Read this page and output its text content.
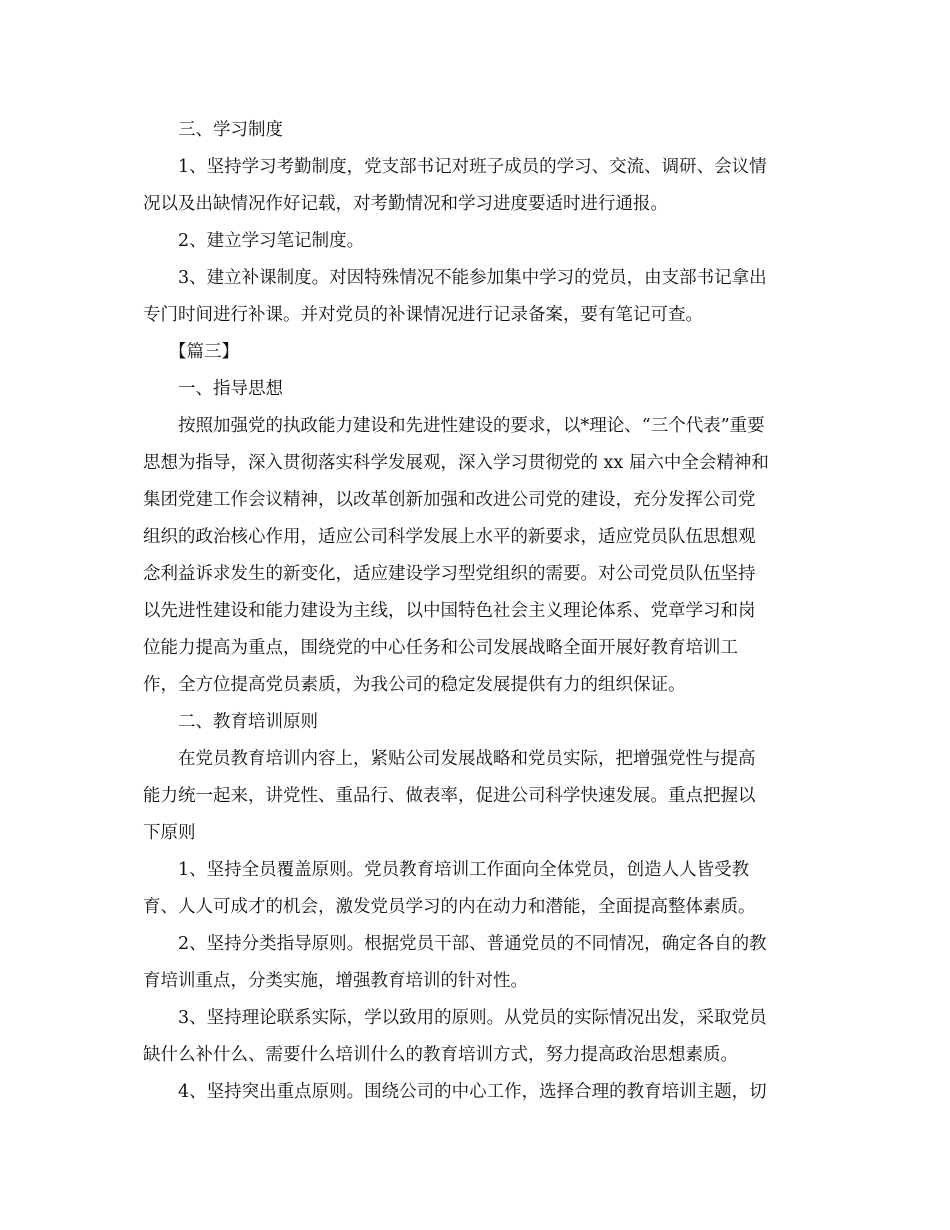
三、学习制度
1、坚持学习考勤制度，党支部书记对班子成员的学习、交流、调研、会议情
况以及出缺情况作好记载，对考勤情况和学习进度要适时进行通报。
2、建立学习笔记制度。
3、建立补课制度。对因特殊情况不能参加集中学习的党员，由支部书记拿出
专门时间进行补课。并对党员的补课情况进行记录备案，要有笔记可查。
【篇三】
一、指导思想
按照加强党的执政能力建设和先进性建设的要求，以*理论、“三个代表”重要
思想为指导，深入贯彻落实科学发展观，深入学习贯彻党的 xx 届六中全会精神和
集团党建工作会议精神，以改革创新加强和改进公司党的建设，充分发挥公司党
组织的政治核心作用，适应公司科学发展上水平的新要求，适应党员队伍思想观
念利益诉求发生的新变化，适应建设学习型党组织的需要。对公司党员队伍坚持
以先进性建设和能力建设为主线，以中国特色社会主义理论体系、党章学习和岗
位能力提高为重点，围绕党的中心任务和公司发展战略全面开展好教育培训工
作，全方位提高党员素质，为我公司的稳定发展提供有力的组织保证。
二、教育培训原则
在党员教育培训内容上，紧贴公司发展战略和党员实际，把增强党性与提高
能力统一起来，讲党性、重品行、做表率，促进公司科学快速发展。重点把握以
下原则
1、坚持全员覆盖原则。党员教育培训工作面向全体党员，创造人人皆受教
育、人人可成才的机会，激发党员学习的内在动力和潜能，全面提高整体素质。
2、坚持分类指导原则。根据党员干部、普通党员的不同情况，确定各自的教
育培训重点，分类实施，增强教育培训的针对性。
3、坚持理论联系实际，学以致用的原则。从党员的实际情况出发，采取党员
缺什么补什么、需要什么培训什么的教育培训方式，努力提高政治思想素质。
4、坚持突出重点原则。围绕公司的中心工作，选择合理的教育培训主题，切
